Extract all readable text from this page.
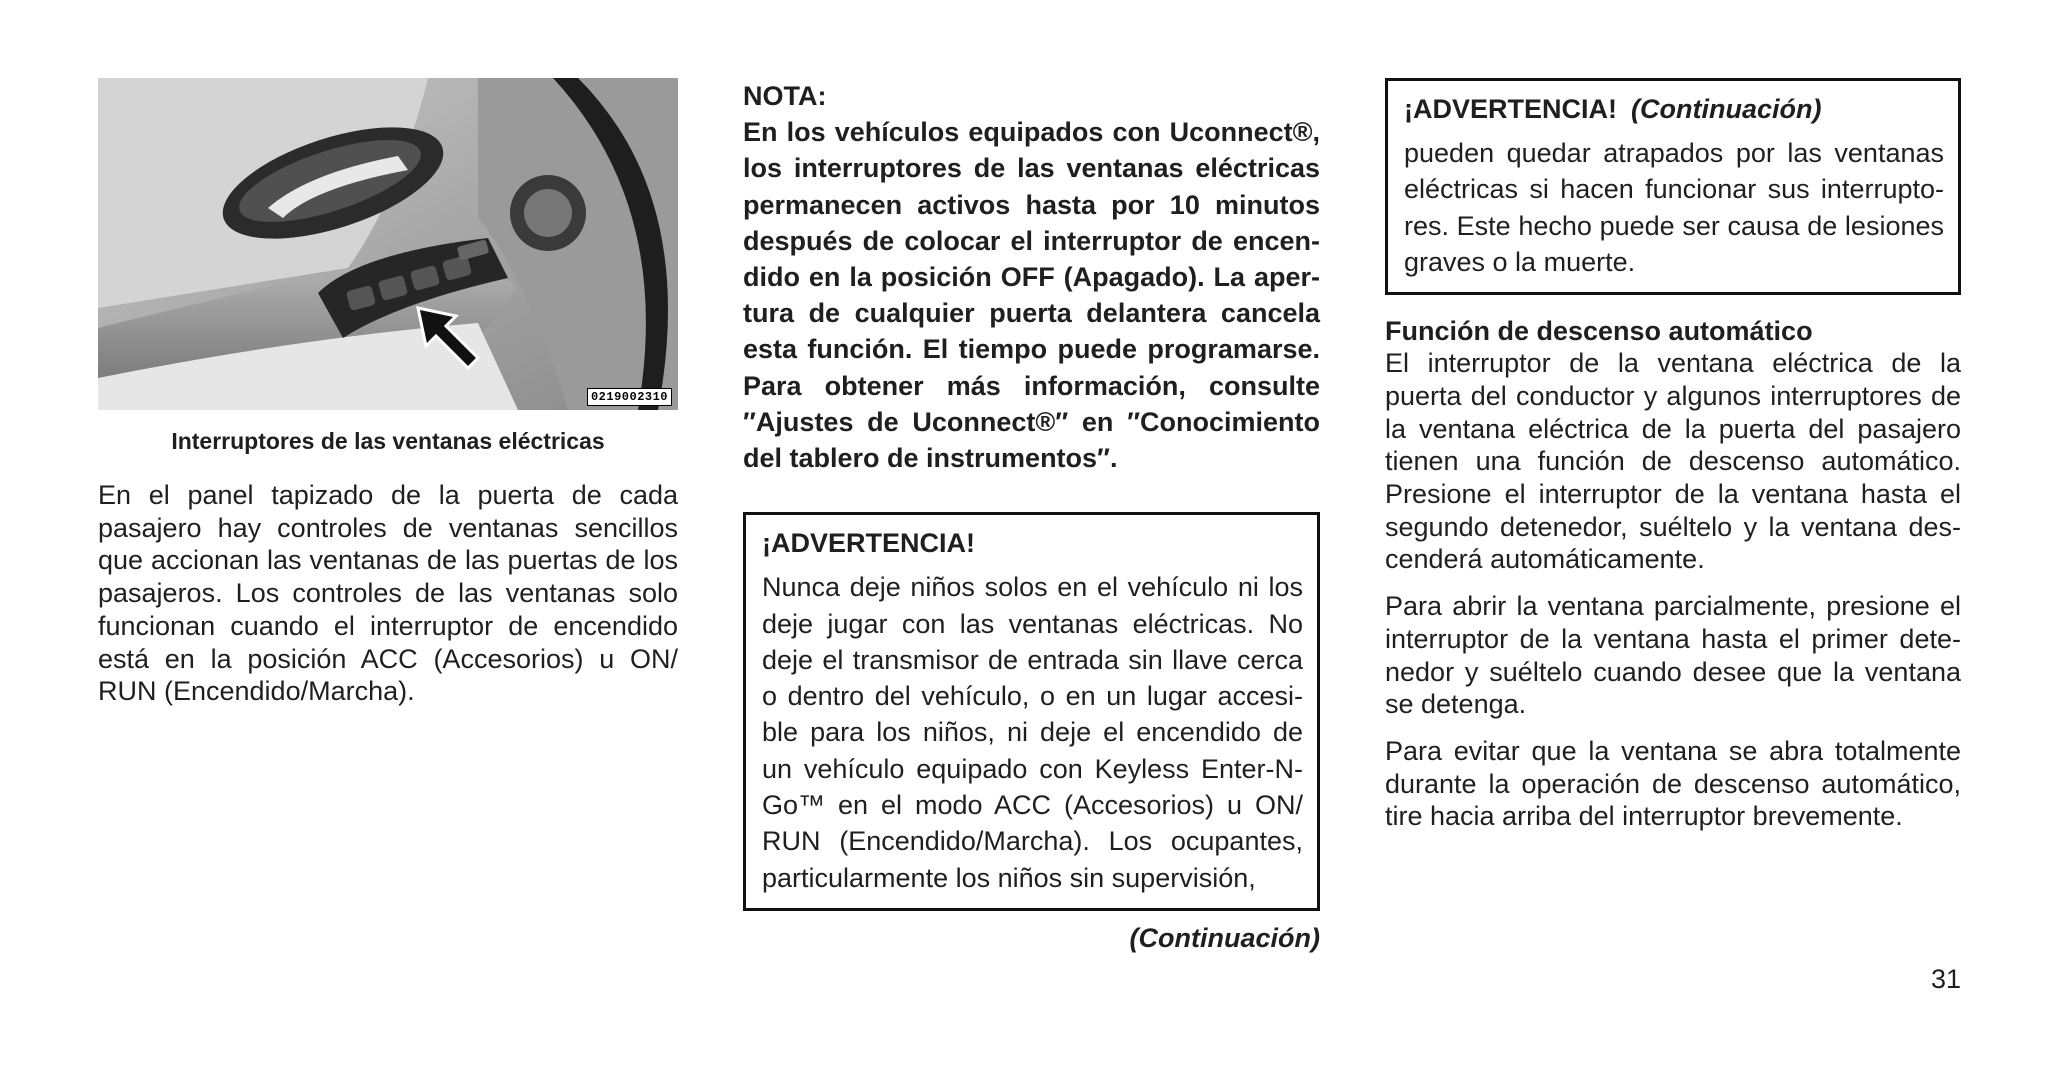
0219002310
Interruptores de las ventanas eléctricas

En el panel tapizado de la puerta de cada pasajero hay controles de ventanas sencillos que accionan las ventanas de las puertas de los pasajeros. Los controles de las ventanas solo funcionan cuando el interruptor de encendido está en la posición ACC (Accesorios) u ON/​RUN (Encendido/Marcha).

NOTA:

En los vehículos equipados con Uconnect®, los interruptores de las ventanas eléctricas permanecen activos hasta por 10 minutos después de colocar el interruptor de encendido en la posición OFF (Apagado). La apertura de cualquier puerta delantera cancela esta función. El tiempo puede programarse. Para obtener más información, consulte ″Ajustes de Uconnect®″ en ″Conocimiento del tablero de instrumentos″.

¡ADVERTENCIA!

Nunca deje niños solos en el vehículo ni los deje jugar con las ventanas eléctricas. No deje el transmisor de entrada sin llave cerca o dentro del vehículo, o en un lugar accesible para los niños, ni deje el encendido de un vehículo equipado con Keyless Enter-N-Go™ en el modo ACC (Accesorios) u ON/​RUN (Encendido/Marcha). Los ocupantes, particularmente los niños sin supervisión,

(Continuación)

¡ADVERTENCIA! (Continuación)

pueden quedar atrapados por las ventanas eléctricas si hacen funcionar sus interruptores. Este hecho puede ser causa de lesiones graves o la muerte.

Función de descenso automático

El interruptor de la ventana eléctrica de la puerta del conductor y algunos interruptores de la ventana eléctrica de la puerta del pasajero tienen una función de descenso automático. Presione el interruptor de la ventana hasta el segundo detenedor, suéltelo y la ventana descenderá automáticamente.

Para abrir la ventana parcialmente, presione el interruptor de la ventana hasta el primer detenedor y suéltelo cuando desee que la ventana se detenga.

Para evitar que la ventana se abra totalmente durante la operación de descenso automático, tire hacia arriba del interruptor brevemente.

31
